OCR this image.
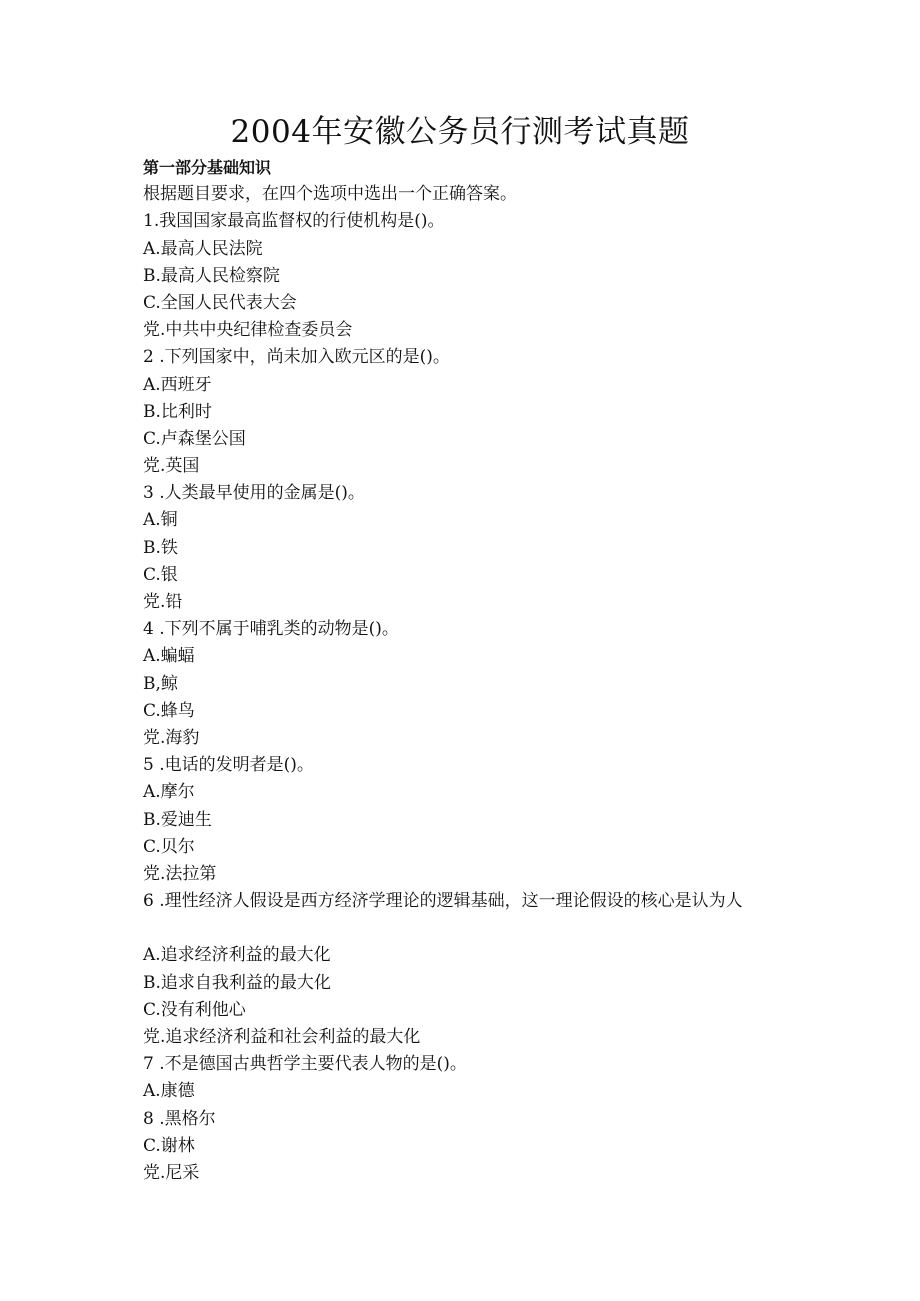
2004年安徽公务员行测考试真题

第一部分基础知识

根据题目要求，在四个选项中选出一个正确答案。

1.我国国家最高监督权的行使机构是()。

A.最高人民法院

B.最高人民检察院

C.全国人民代表大会

党.中共中央纪律检查委员会

2 .下列国家中，尚未加入欧元区的是()。

A.西班牙

B.比利时

C.卢森堡公国

党.英国

3 .人类最早使用的金属是()。

A.铜

B.铁

C.银

党.铅

4 .下列不属于哺乳类的动物是()。

A.蝙蝠

B,鲸

C.蜂鸟

党.海豹

5 .电话的发明者是()。

A.摩尔

B.爱迪生

C.贝尔

党.法拉第

6 .理性经济人假设是西方经济学理论的逻辑基础，这一理论假设的核心是认为人

A.追求经济利益的最大化

B.追求自我利益的最大化

C.没有利他心

党.追求经济利益和社会利益的最大化

7 .不是德国古典哲学主要代表人物的是()。

A.康德

8 .黑格尔

C.谢林

党.尼采
